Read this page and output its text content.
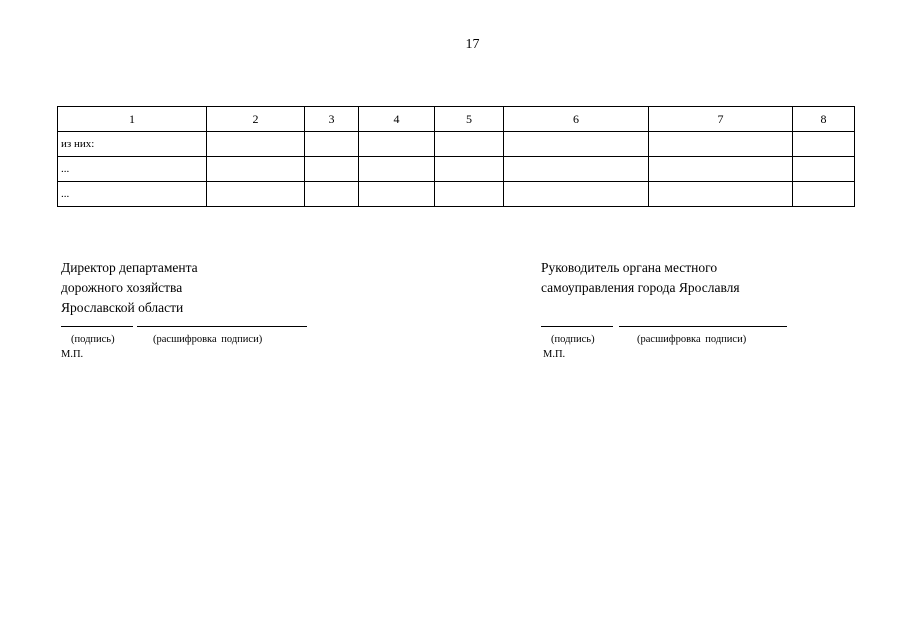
17
1	2	3	4	5	6	7	8
из них:							
...							
...							
Директор департамента
дорожного хозяйства
Ярославской области
(подпись)	(расшифровка подписи)
М.П.
Руководитель органа местного
самоуправления города Ярославля
(подпись)	(расшифровка подписи)
М.П.
